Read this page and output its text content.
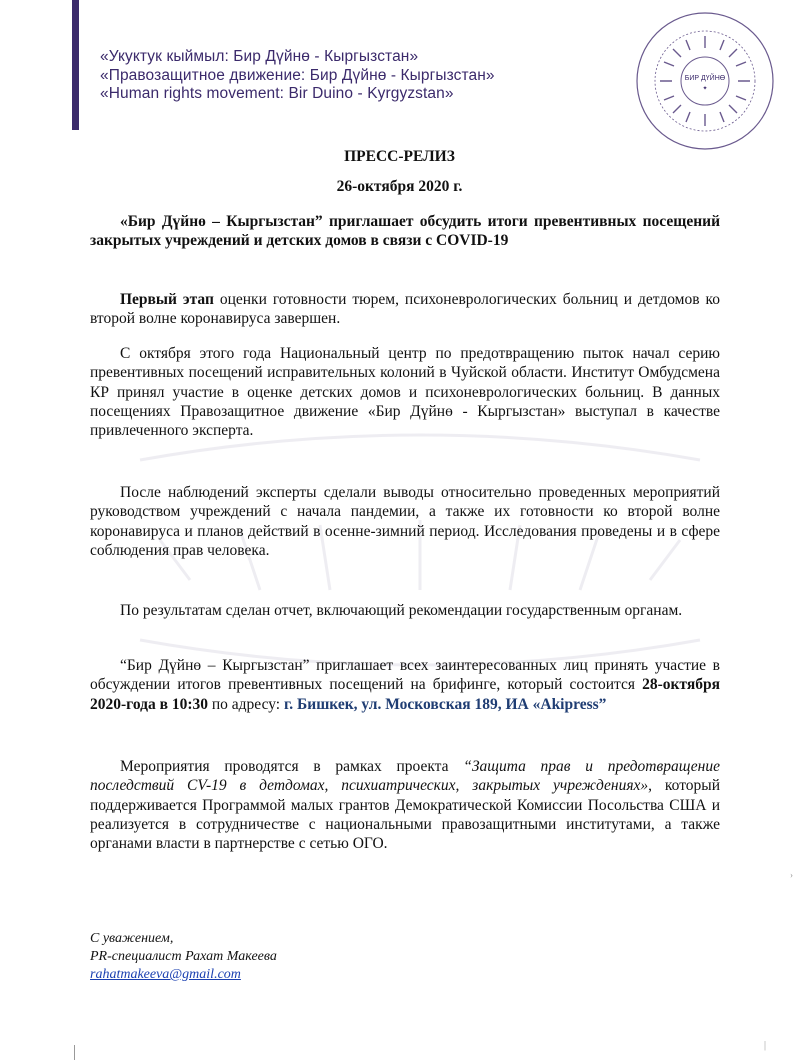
«Укуктук кыймыл: Бир Дүйнө - Кыргызстан»
«Правозащитное движение: Бир Дүйнө - Кыргызстан»
«Human rights movement: Bir Duino - Kyrgyzstan»
БИР ДҮЙНӨ
✦
ПРЕСС-РЕЛИЗ
26-октября 2020 г.
«Бир Дүйнө – Кыргызстан” приглашает обсудить итоги превентивных посещений закрытых учреждений и детских домов в связи с COVID-19
Первый этап оценки готовности тюрем, психоневрологических больниц и детдомов ко второй волне коронавируса завершен.
С октября этого года Национальный центр по предотвращению пыток начал серию превентивных посещений исправительных колоний в Чуйской области. Институт Омбудсмена КР принял участие в оценке детских домов и психоневрологических больниц. В данных посещениях Правозащитное движение «Бир Дүйнө - Кыргызстан» выступал в качестве привлеченного эксперта.
После наблюдений эксперты сделали выводы относительно проведенных мероприятий руководством учреждений с начала пандемии, а также их готовности ко второй волне коронавируса и планов действий в осенне-зимний период. Исследования проведены и в сфере соблюдения прав человека.
По результатам сделан отчет, включающий рекомендации государственным органам.
“Бир Дүйнө – Кыргызстан” приглашает всех заинтересованных лиц принять участие в обсуждении итогов превентивных посещений на брифинге, который состоится 28-октября 2020-года в 10:30 по адресу: г. Бишкек, ул. Московская 189, ИА «Akipress”
Мероприятия проводятся в рамках проекта “Защита прав и предотвращение последствий CV-19 в детдомах, психиатрических, закрытых учреждениях», который поддерживается Программой малых грантов Демократической Комиссии Посольства США и реализуется в сотрудничестве с национальными правозащитными институтами, а также органами власти в партнерстве с сетью ОГО.
С уважением,
PR-специалист Рахат Макеева
rahatmakeeva@gmail.com
|
›
